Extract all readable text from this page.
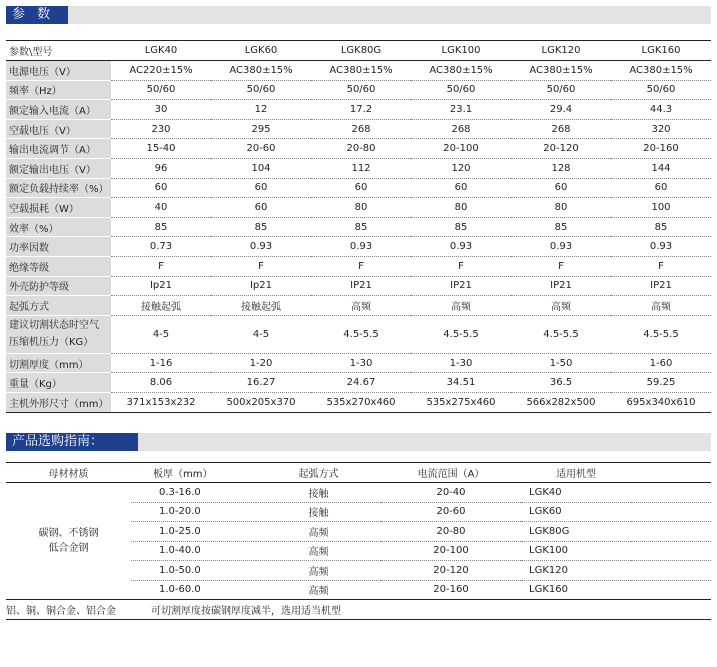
参 数
参数\型号	LGK40	LGK60	LGK80G	LGK100	LGK120	LGK160
电源电压（V）	AC220±15%	AC380±15%	AC380±15%	AC380±15%	AC380±15%	AC380±15%
频率（Hz）	50/60	50/60	50/60	50/60	50/60	50/60
额定输入电流（A）	30	12	17.2	23.1	29.4	44.3
空载电压（V）	230	295	268	268	268	320
输出电流调节（A）	15-40	20-60	20-80	20-100	20-120	20-160
额定输出电压（V）	96	104	112	120	128	144
额定负载持续率（%）	60	60	60	60	60	60
空载损耗（W）	40	60	80	80	80	100
效率（%）	85	85	85	85	85	85
功率因数	0.73	0.93	0.93	0.93	0.93	0.93
绝缘等级	F	F	F	F	F	F
外壳防护等级	Ip21	Ip21	IP21	IP21	IP21	IP21
起弧方式	接触起弧	接触起弧	高频	高频	高频	高频

建议切割状态时空气
压缩机压力（KG）	4-5	4-5	4.5-5.5	4.5-5.5	4.5-5.5	4.5-5.5
切割厚度（mm）	1-16	1-20	1-30	1-30	1-50	1-60
重量（Kg）	8.06	16.27	24.67	34.51	36.5	59.25
主机外形尺寸（mm）	371x153x232	500x205x370	535x270x460	535x275x460	566x282x500	695x340x610
产品选购指南：
母材材质	板厚（mm）	起弧方式	电流范围（A）	适用机型	

碳钢、不锈钢
低合金钢	0.3-16.0	接触	20-40	LGK40	
	1.0-20.0	接触	20-60	LGK60	
	1.0-25.0	高频	20-80	LGK80G	
	1.0-40.0	高频	20-100	LGK100	
	1.0-50.0	高频	20-120	LGK120	
	1.0-60.0	高频	20-160	LGK160	
铝、铜、铜合金、铝合金	可切割厚度按碳钢厚度减半，选用适当机型				
